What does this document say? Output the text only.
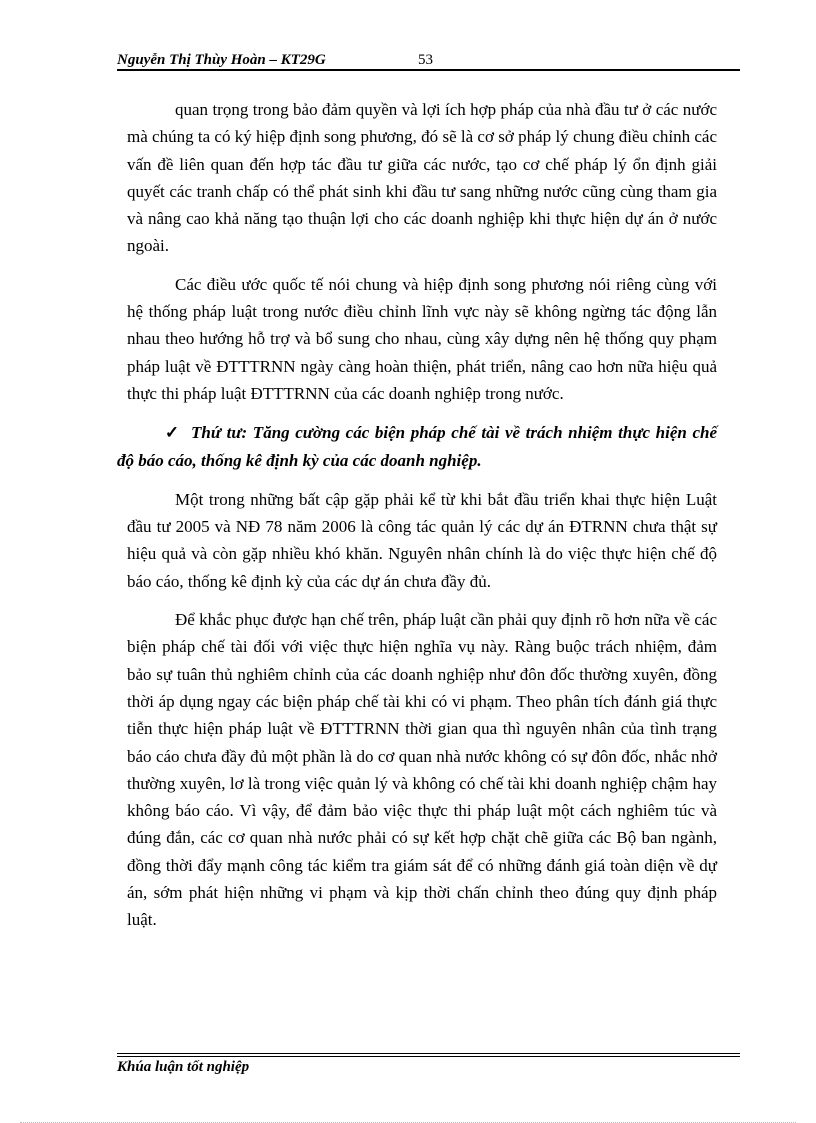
Nguyễn Thị Thùy Hoàn – KT29G	53

quan trọng trong bảo đảm quyền và lợi ích hợp pháp của nhà đầu tư ở các nước mà chúng ta có ký hiệp định song phương, đó sẽ là cơ sở pháp lý chung điều chỉnh các vấn đề liên quan đến hợp tác đầu tư giữa các nước, tạo cơ chế pháp lý ổn định giải quyết các tranh chấp có thể phát sinh khi đầu tư sang những nước cũng cùng tham gia và nâng cao khả năng tạo thuận lợi cho các doanh nghiệp khi thực hiện dự án ở nước ngoài.

Các điều ước quốc tế nói chung và hiệp định song phương nói riêng cùng với hệ thống pháp luật trong nước điều chỉnh lĩnh vực này sẽ không ngừng tác động lẫn nhau theo hướng hỗ trợ và bổ sung cho nhau, cùng xây dựng nên hệ thống quy phạm pháp luật về ĐTTTRNN ngày càng hoàn thiện, phát triển, nâng cao hơn nữa hiệu quả thực thi pháp luật ĐTTTRNN của các doanh nghiệp trong nước.

✓ Thứ tư: Tăng cường các biện pháp chế tài về trách nhiệm thực hiện chế độ báo cáo, thống kê định kỳ của các doanh nghiệp.

Một trong những bất cập gặp phải kể từ khi bắt đầu triển khai thực hiện Luật đầu tư 2005 và NĐ 78 năm 2006 là công tác quản lý các dự án ĐTRNN chưa thật sự hiệu quả và còn gặp nhiều khó khăn. Nguyên nhân chính là do việc thực hiện chế độ báo cáo, thống kê định kỳ của các dự án chưa đầy đủ.

Để khắc phục được hạn chế trên, pháp luật cần phải quy định rõ hơn nữa về các biện pháp chế tài đối với việc thực hiện nghĩa vụ này. Ràng buộc trách nhiệm, đảm bảo sự tuân thủ nghiêm chỉnh của các doanh nghiệp như đôn đốc thường xuyên, đồng thời áp dụng ngay các biện pháp chế tài khi có vi phạm. Theo phân tích đánh giá thực tiễn thực hiện pháp luật về ĐTTTRNN thời gian qua thì nguyên nhân của tình trạng báo cáo chưa đầy đủ một phần là do cơ quan nhà nước không có sự đôn đốc, nhắc nhở thường xuyên, lơ là trong việc quản lý và không có chế tài khi doanh nghiệp chậm hay không báo cáo. Vì vậy, để đảm bảo việc thực thi pháp luật một cách nghiêm túc và đúng đắn, các cơ quan nhà nước phải có sự kết hợp chặt chẽ giữa các Bộ ban ngành, đồng thời đẩy mạnh công tác kiểm tra giám sát để có những đánh giá toàn diện về dự án, sớm phát hiện những vi phạm và kịp thời chấn chỉnh theo đúng quy định pháp luật.

Khúa luận tốt nghiệp
